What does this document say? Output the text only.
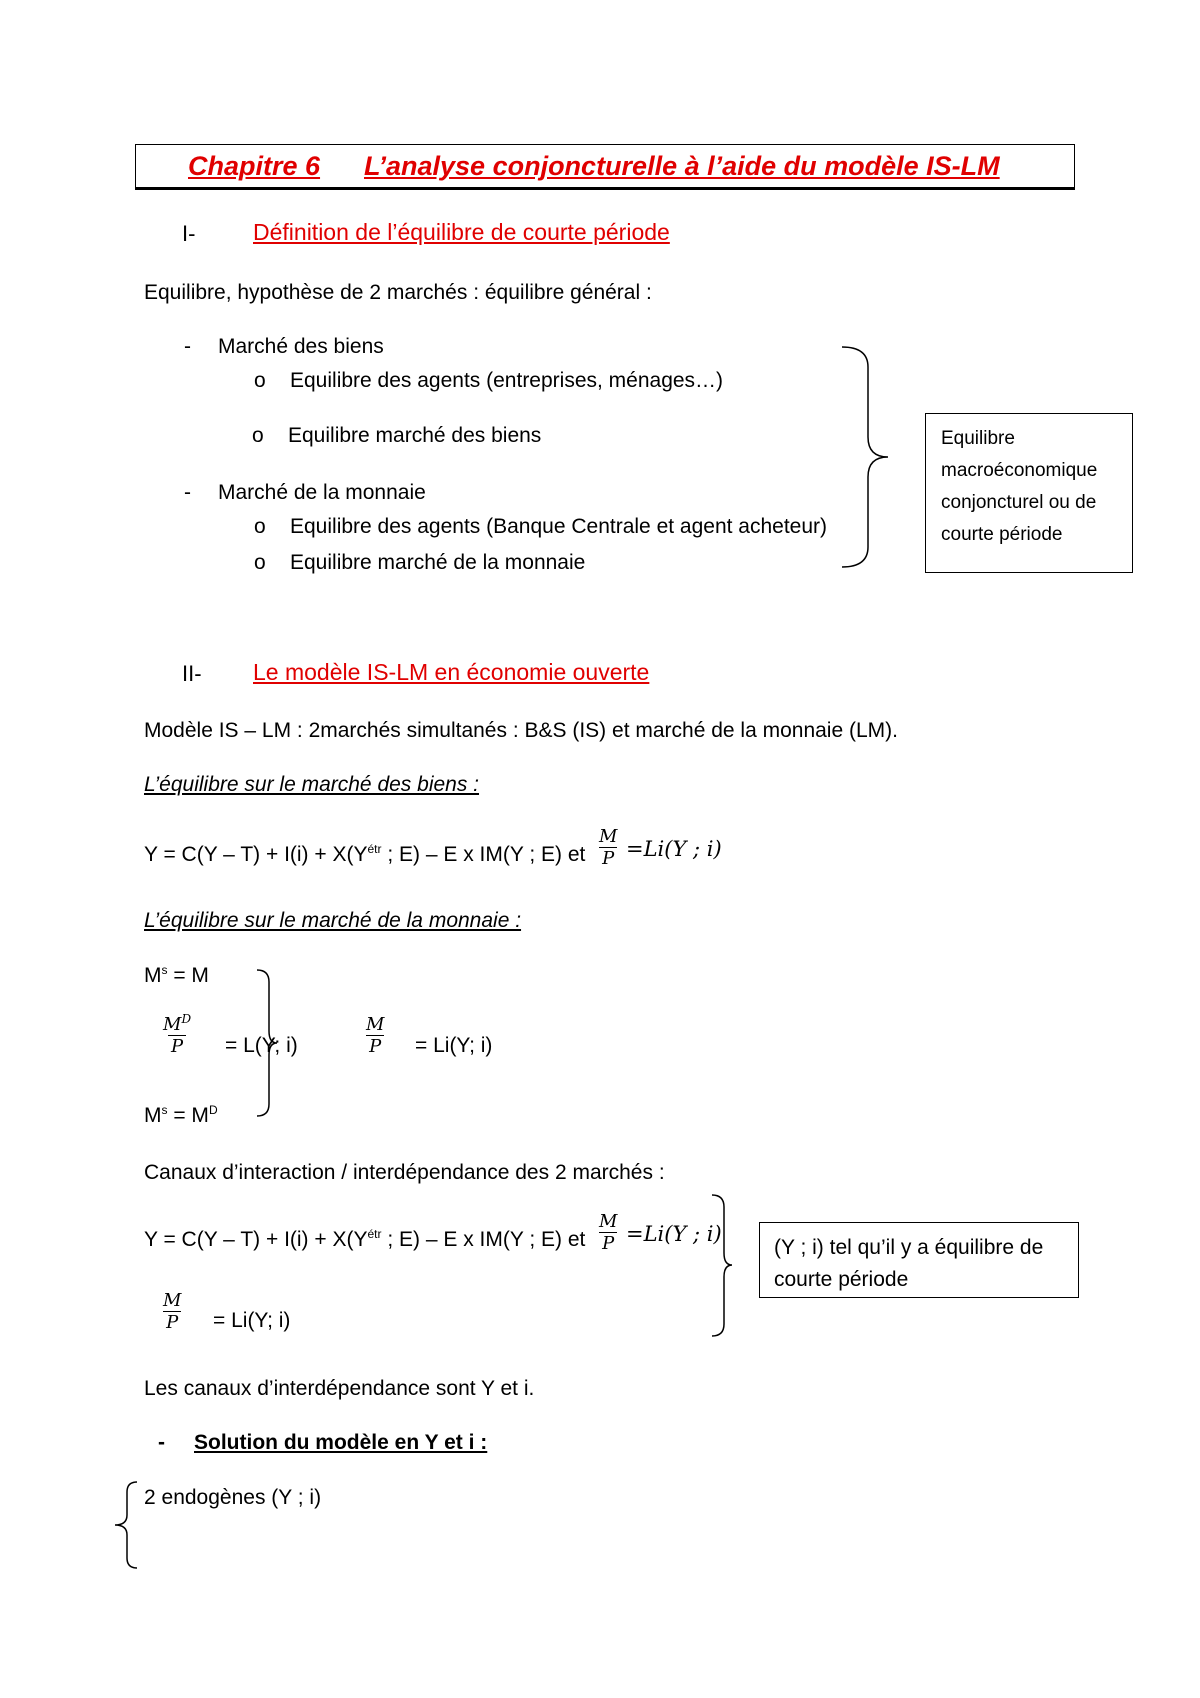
Chapitre 6 L’analyse conjoncturelle à l’aide du modèle IS-LM
I-	Définition de l’équilibre de courte période
Equilibre, hypothèse de 2 marchés : équilibre général :
- Marché des biens
o Equilibre des agents (entreprises, ménages…)
o Equilibre marché des biens
- Marché de la monnaie
o Equilibre des agents (Banque Centrale et agent acheteur)
o Equilibre marché de la monnaie
Equilibre
macroéconomique
conjoncturel ou de
courte période
II- Le modèle IS-LM en économie ouverte
Modèle IS – LM : 2marchés simultanés : B&S (IS) et marché de la monnaie (LM).
L’équilibre sur le marché des biens :
$Y = C(Y - T) + I(i) + X(Y^{étr}$ ; E) – E x IM(Y ; E) et $\frac{M}{P} =Li(Y$ ; i)
L’équilibre sur le marché de la monnaie :
$M^s = M$
$\frac{M^D}{P} = L(Y$; i)	$\frac{M}{P} = Li(Y$; i)
$M^s = M^D$
Canaux d’interaction / interdépendance des 2 marchés :
$Y = C(Y - T) + I(i) + X(Y^{étr}$ ; E) – E x IM(Y ; E) et $\frac{M}{P} =Li(Y$ ; i)
$\frac{M}{P} = Li(Y$; i)
(Y ; i) tel qu’il y a équilibre de
courte période
Les canaux d’interdépendance sont Y et i.
- Solution du modèle en Y et i :
2 endogènes (Y ; i)
